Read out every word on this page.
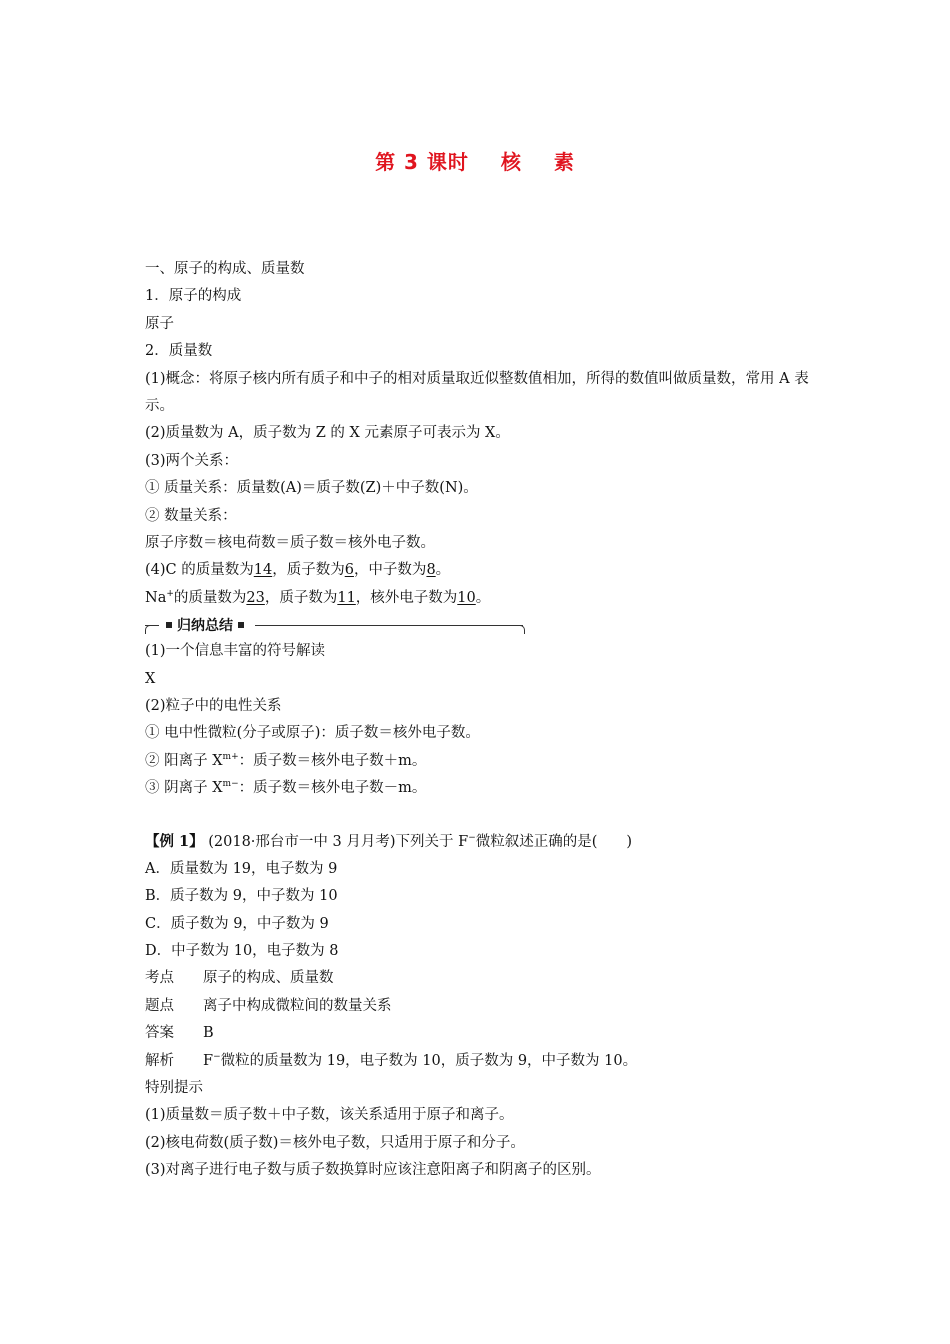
第 3 课时 核 素
一、原子的构成、质量数
1．原子的构成
原子
2．质量数
(1)概念：将原子核内所有质子和中子的相对质量取近似整数值相加，所得的数值叫做质量数，常用 A 表示。
(2)质量数为 A，质子数为 Z 的 X 元素原子可表示为 X。
(3)两个关系：
① 质量关系：质量数(A)＝质子数(Z)＋中子数(N)。
② 数量关系：
原子序数＝核电荷数＝质子数＝核外电子数。
(4)C 的质量数为14，质子数为6，中子数为8。
Na+的质量数为23，质子数为11，核外电子数为10。
归纳总结
(1)一个信息丰富的符号解读
X
(2)粒子中的电性关系
① 电中性微粒(分子或原子)：质子数＝核外电子数。
② 阳离子 $X^{m+}$：质子数＝核外电子数＋m。
③ 阴离子 $X^{m-}$：质子数＝核外电子数－m。
【例 1】 (2018·邢台市一中 3 月月考)下列关于 F−微粒叙述正确的是(　　)
A．质量数为 19，电子数为 9
B．质子数为 9，中子数为 10
C．质子数为 9，中子数为 9
D．中子数为 10，电子数为 8
考点 原子的构成、质量数
题点 离子中构成微粒间的数量关系
答案 B
解析 F−微粒的质量数为 19，电子数为 10，质子数为 9，中子数为 10。
特别提示
(1)质量数＝质子数＋中子数，该关系适用于原子和离子。
(2)核电荷数(质子数)＝核外电子数，只适用于原子和分子。
(3)对离子进行电子数与质子数换算时应该注意阳离子和阴离子的区别。
